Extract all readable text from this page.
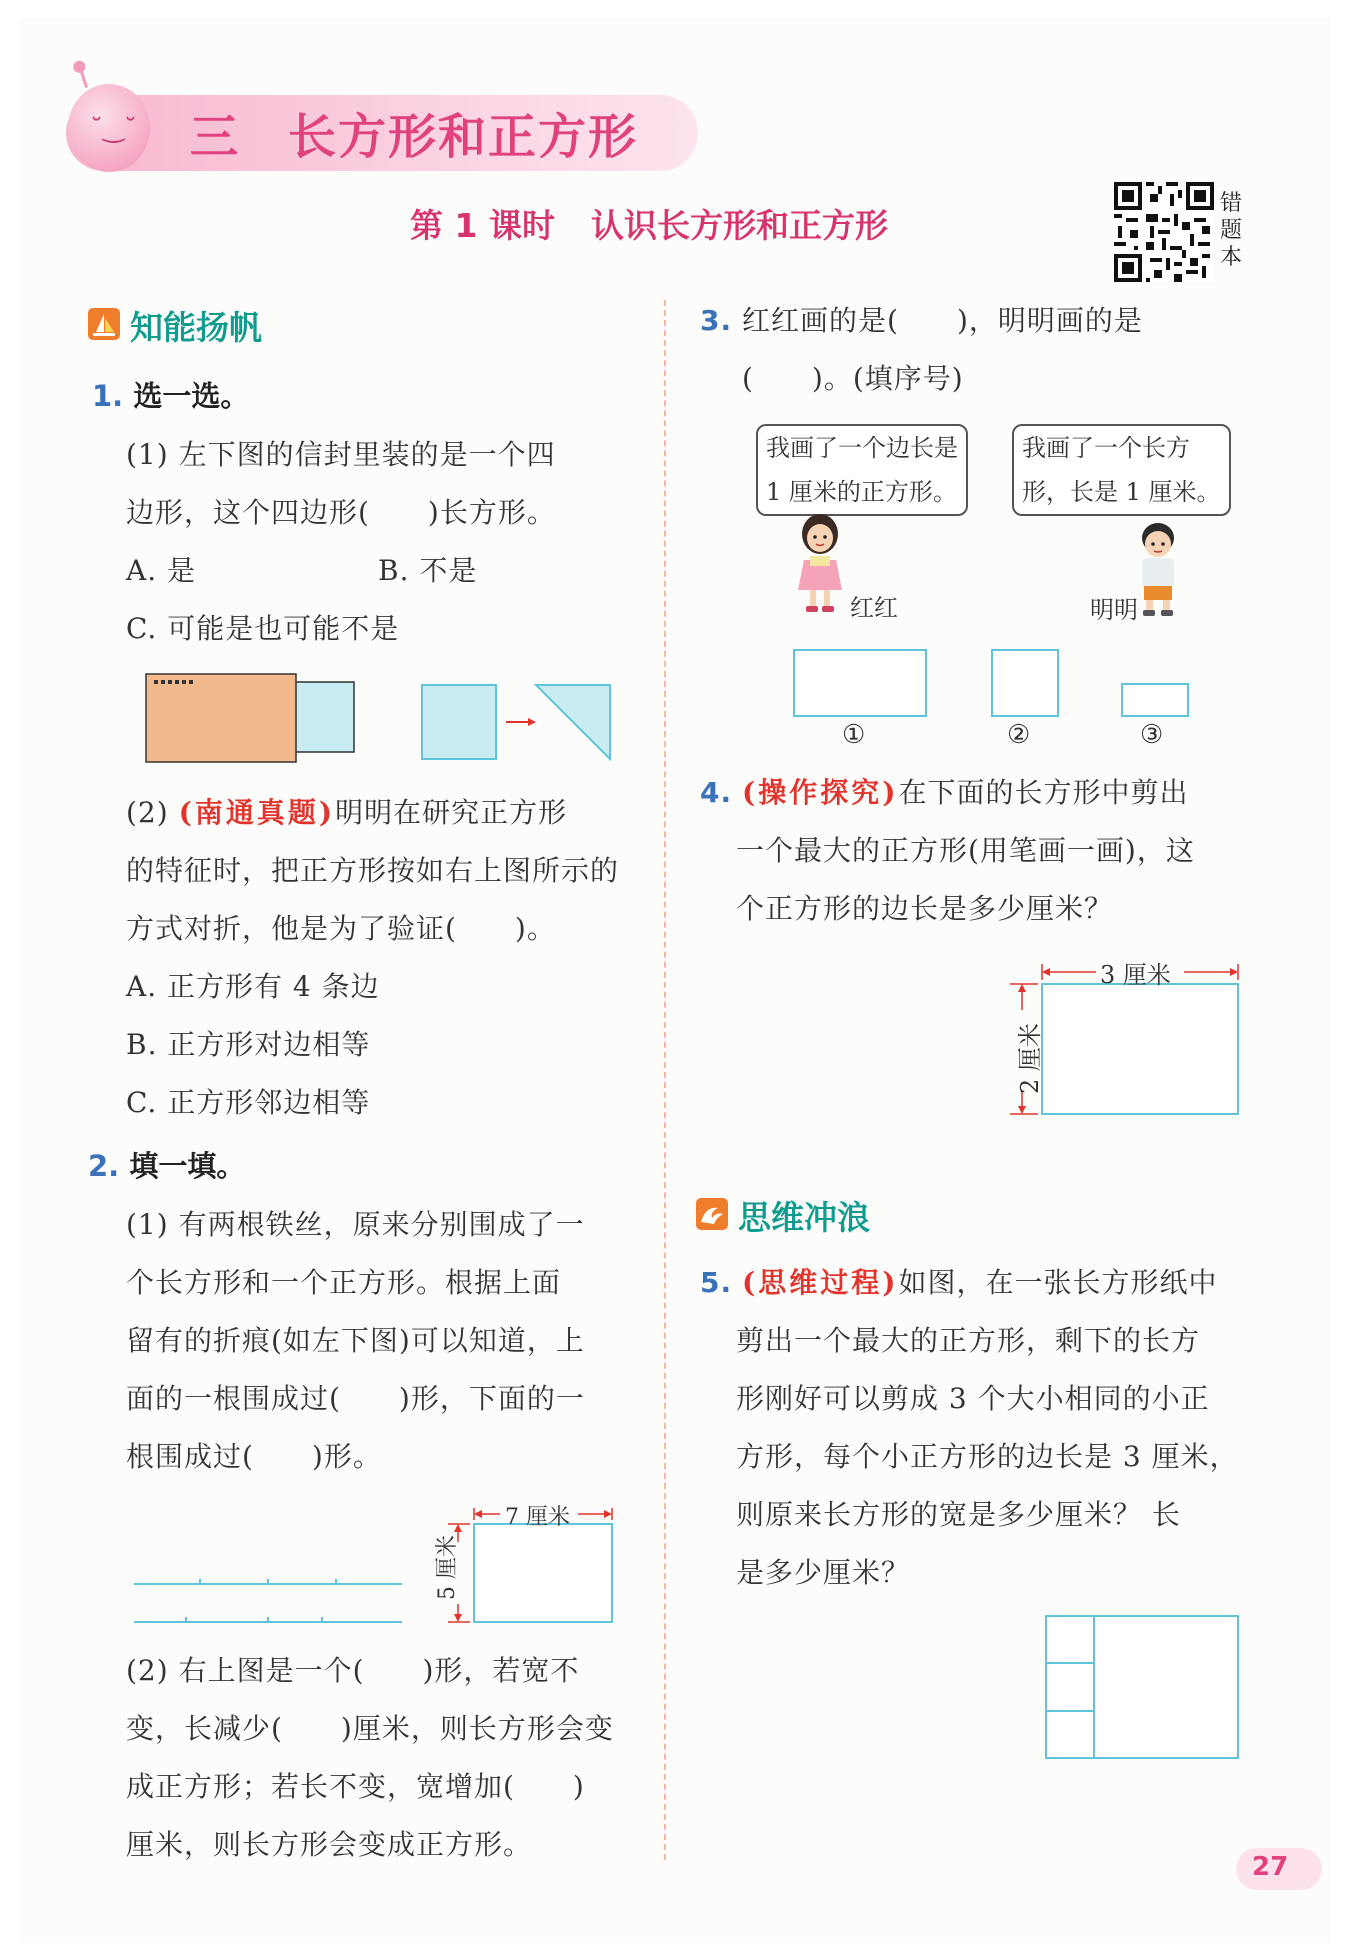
˘‿˘ 三 长方形和正方形
第 1 课时 认识长方形和正方形
错题本
知能扬帆
1. 选一选。
(1) 左下图的信封里装的是一个四
边形，这个四边形(　　)长方形。
A. 是	B. 不是
C. 可能是也可能不是
(2) (南通真题)明明在研究正方形
的特征时，把正方形按如右上图所示的
方式对折，他是为了验证(　　)。
A. 正方形有 4 条边
B. 正方形对边相等
C. 正方形邻边相等
2. 填一填。
(1) 有两根铁丝，原来分别围成了一
个长方形和一个正方形。根据上面
留有的折痕(如左下图)可以知道，上
面的一根围成过(　　)形，下面的一
根围成过(　　)形。
7 厘米
5 厘米
(2) 右上图是一个(　　)形，若宽不
变，长减少(　　)厘米，则长方形会变
成正方形；若长不变，宽增加(　　)
厘米，则长方形会变成正方形。
3. 红红画的是(　　)，明明画的是
(　　)。(填序号)
我画了一个边长是
1 厘米的正方形。
我画了一个长方
形，长是 1 厘米。
红红	明明
①	②	③
4. (操作探究)在下面的长方形中剪出
一个最大的正方形(用笔画一画)，这
个正方形的边长是多少厘米？
3 厘米
2 厘米
思维冲浪
5. (思维过程)如图，在一张长方形纸中
剪出一个最大的正方形，剩下的长方
形刚好可以剪成 3 个大小相同的小正
方形，每个小正方形的边长是 3 厘米，
则原来长方形的宽是多少厘米？ 长
是多少厘米？
27
